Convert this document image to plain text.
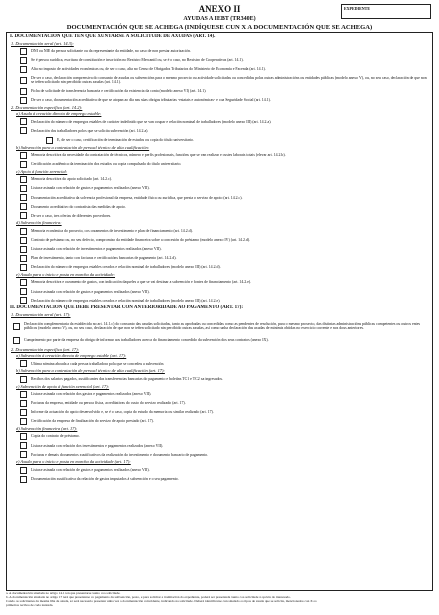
EXPEDIENTE
ANEXO II
AYUDAS A IEBT (TR340E)
DOCUMENTACIÓN QUE SE ACHEGA (INDÍQUESE CUN X A DOCUMENTACIÓN QUE SE ACHEGA)
I. DOCUMENTACIÓN QUE TEN QUE XUNTARSE Á SOLICITUDE DE AXUDAS (ART. 14).
1. Documentación xeral (art. 14.3):
DNI ou NIE da persoa solicitante ou da representante da entidade, no caso de non prestar autorización.
Se é persoa xurídica, escritura de constitución e inscrición no Rexistro Mercantil ou, se é o caso, no Rexistro de Cooperativas (art. 14.1).
Alta no imposto de actividades económicas ou, de ser o caso, alta no Censo de Obrigados Tributarios do Ministerio de Economía e Facenda (art. 14.1).
De ser o caso, declaración comprensiva do conxunto de axudas ou subvencións para o mesmo proxecto ou actividade solicitadas ou concedidas polas outras administracións ou entidades públicas (modelo anexo V), ou, no seu caso, declaración de que non se teñen solicitado nin percibido outras axudas (art. 14.1).
Ficha de solicitude de transferencia bancaria e certificación da existencia da conta (modelo anexo VI) (art. 14.1).
De ser o caso, documentación acreditativa de que se atopan ao día nas súas obrigas tributarias -estatais e autonómicas- e coa Seguridade Social (art. 14.1).
2. Documentación específica (art. 14.2):
a) Axuda á creación directa de emprego estable:
Declaración do número de empregos estables de carácter indefinido que se van ocupar e relación nominal de traballadores (modelo anexo III) (art. 14.2.a).
Declaración dos traballadores polos que se solicita subvención (art. 14.2.a).
E, de ser o caso, certificación de terminación de estudos ou copia do título universitario.
b) Subvención para a contratación de persoal técnico de alta cualificación:
Memoria descritiva da necesidade da contratación de técnicos, número e perfís profesionais, funcións que se van realizar e custes laborais totais (elevar art. 14.2.b).
Certificación académica da terminación dos estudos ou copia compulsada do título universitario.
c) Apoio á función xerencial:
Memoria descritiva do apoio solicitado (art. 14.2.c).
Listaxe asinada con relación de gastos e pagamentos realizados (anexo VII).
Documentación acreditativa da solvencia profesional da empresa, entidade física ou xurídica, que presta o servizo de apoio (art. 14.2.c).
Documento acreditativo do contratista das medidas de apoio.
De ser o caso, tres ofertas de diferentes provedores.
d) Subvención financeira:
Memoria económica do proxecto, cos orzamentos de investimento e plan de financiamento (art. 14.2.d).
Contrato de préstamo ou, no seu defecto, compromiso da entidade financeira sobre a concesión do préstamo (modelo anexo IV) (art. 14.2.d).
Listaxe asinada con relación de investimentos e pagamentos realizados (anexo VII).
Plan de investimento, tanto con facturas e certificacións bancarias de pagamento (art. 14.2.d).
Declaración do número de empregos estables creados e relación nominal de traballadores (modelo anexo III) (art. 14.2.d).
e) Axuda para o inicio e posta en marcha da actividade:
Memoria descritiva e orzamento de gastos, con indicación daqueles a que se vai destinar a subvención e fontes de financiamento (art. 14.2.e).
Listaxe asinada con relación de gastos e pagamentos realizados (anexo VII).
Declaración do número de empregos estables creados e relación nominal de traballadores (modelo anexo III) (art. 14.2.e).
II. DOCUMENTACIÓN QUE DEBE PRESENTAR CON ANTERIORIDADE AO PAGAMENTO (ART. 17):
1. Documentación xeral (art. 17):
Declaración complementaria da establecida no art. 14.1.c) do conxunto das axudas solicitadas, tanto as aprobadas ou concedidas como as pendentes de resolución, para o mesmo proxecto, das distintas administracións públicas competentes ou outros entes públicos (modelo anexo V), ou, no seu caso, declaración de que non se teñen solicitado nin percibido outras axudas, así como unha declaración das axudas de minimis obtidas no exercicio corrente e nos dous anteriores.
Cumprimento por parte da empresa da obriga de informar aos traballadores acerca do financiamento concedido da subvención dos seus contratos (anexo IX).
2. Documentación específica (art. 17):
a) Subvención á creación directa de emprego estable (art. 17):
Última nómina aboada a cada persoa traballadora pola que se concedeu a subvención.
b) Subvención para a contratación de persoal técnico de alta cualificación (art. 17):
Recibos dos salarios pagados, xustificantes das transferencias bancarias do pagamento e boletíns TC1 e TC2 xa ingresados.
c) Subvención de apoio á función xerencial (art. 17):
Listaxe asinada con relación dos gastos e pagamentos realizados (anexo VII).
Facturas da empresa, entidade ou persoa física, acreditativas do custo do servizo realizado (art. 17).
Informe da actuación do apoio desenvolvido e, se é o caso, copia do estudo da memoria ou similar realizado (art. 17).
Certificación da empresa de finalización do servizo de apoio prestado (art. 17).
d) Subvención financeira (art. 17):
Copia do contrato de préstamo.
Listaxe asinada con relación dos investimentos e pagamentos realizados (anexo VII).
Facturas e demais documentos xustificativos da realización do investimento e documento bancario de pagamento.
e) Axuda para o inicio e posta en marcha da actividade (art. 17):
Listaxe asinada con relación de gastos e pagamentos realizados (anexo VII).
Documentación xustificativa da relación de gastos imputados á subvención e o seu pagamento.
a. A documentación sinalada no artigo 14.1 ten que presentarse xunto coa solicitude.
b. A documentación sinalada no artigo 17 terá que presentarse co pagamento da subvención, posto, e para solicitar a tramitación do expediente, poderá ser presentada xunto coa solicitude á opción do interesado.
Cando os solicitantes da mesma liña de axuda, só será necesario presentar unha vez a documentación coincidente, indicando na solicitude. Deberá identificarse cun sinalado os tipos de axuda que se solicita, mencionados con X os
primeiros recibos de cada xuntada.
